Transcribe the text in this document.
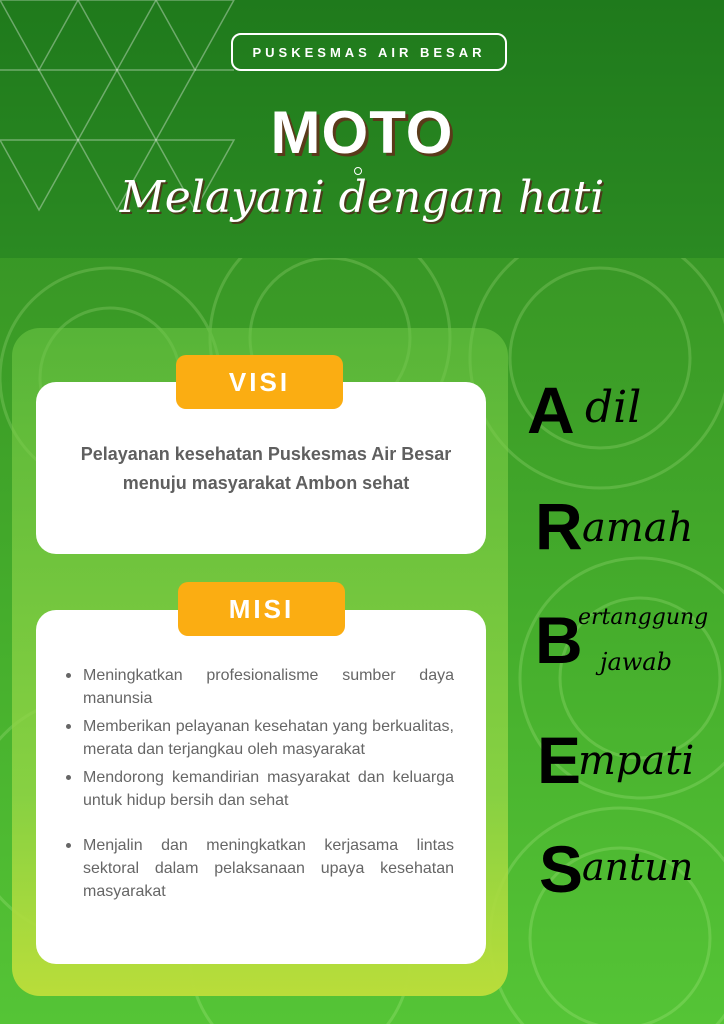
PUSKESMAS AIR BESAR
MOTO
Melayani dengan hati
VISI
Pelayanan kesehatan Puskesmas Air Besar menuju masyarakat Ambon sehat
MISI
Meningkatkan profesionalisme sumber daya manunsia
Memberikan pelayanan kesehatan yang berkualitas, merata dan terjangkau oleh masyarakat
Mendorong kemandirian masyarakat dan keluarga untuk hidup bersih dan sehat
Menjalin dan meningkatkan kerjasama lintas sektoral dalam pelaksanaan upaya kesehatan masyarakat
A dil
R amah
B
ertanggung
jawab
E
mpati
S
antun
